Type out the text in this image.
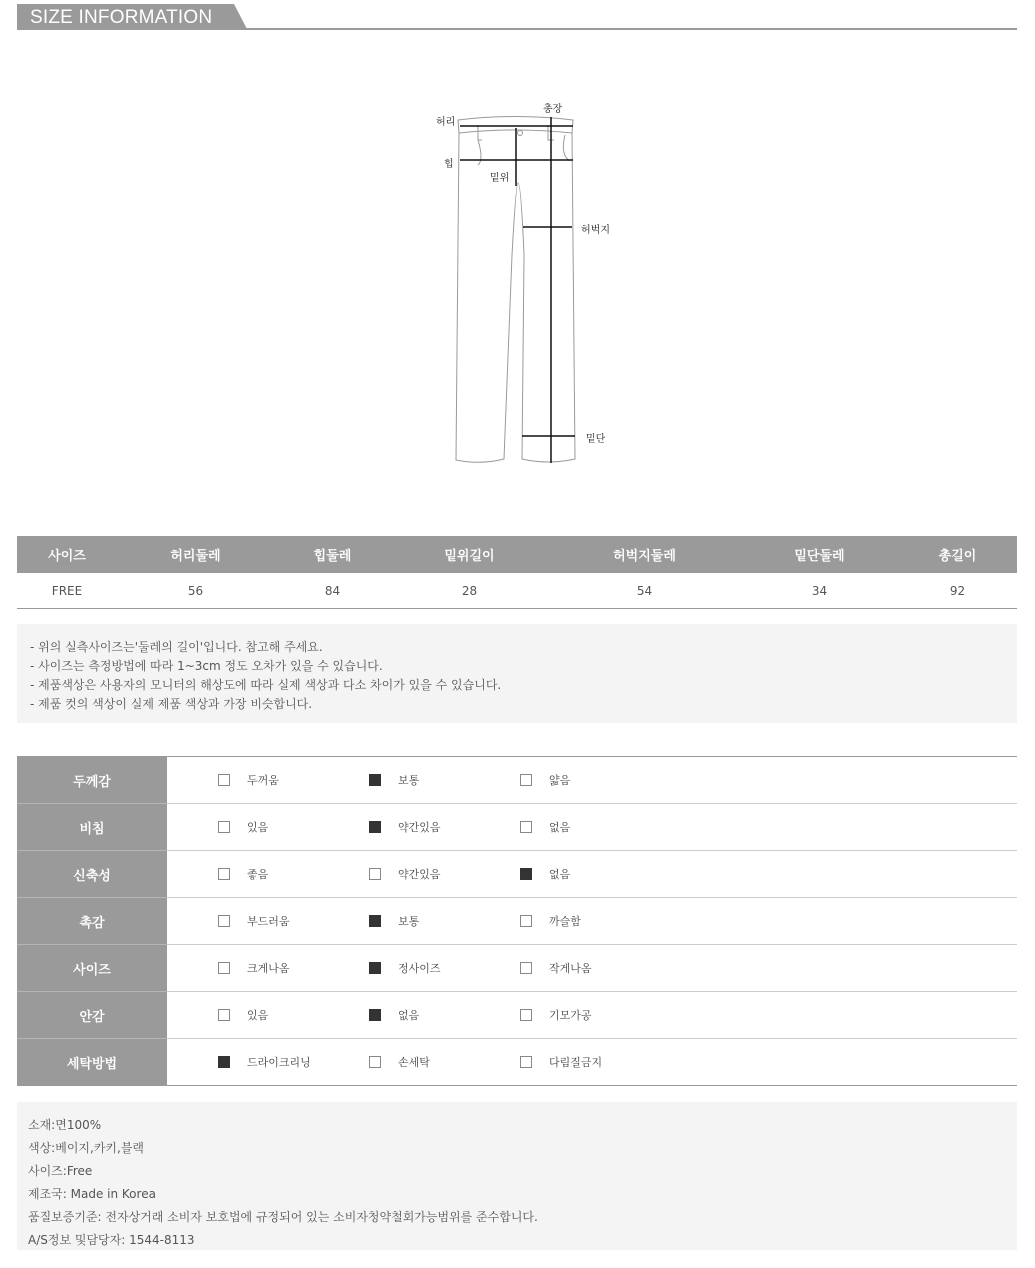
SIZE INFORMATION
허리
총장
힙
밑위
허벅지
밑단
사이즈	허리둘레	힙둘레	밑위길이	허벅지둘레	밑단둘레	총길이
FREE	56	84	28	54	34	92
- 위의 실측사이즈는'둘레의 길이'입니다. 참고해 주세요.
- 사이즈는 측정방법에 따라 1~3cm 정도 오차가 있을 수 있습니다.
- 제품색상은 사용자의 모니터의 해상도에 따라 실제 색상과 다소 차이가 있을 수 있습니다.
- 제품 컷의 색상이 실제 제품 색상과 가장 비슷합니다.
두께감	두꺼움 보통 얇음

비침	있음 약간있음 없음

신축성	좋음 약간있음 없음

촉감	부드러움 보통 까슬함

사이즈	크게나옴 정사이즈 작게나옴

안감	있음 없음 기모가공

세탁방법	드라이크리닝 손세탁 다림질금지
소재:면100%
색상:베이지,카키,블랙
사이즈:Free
제조국: Made in Korea
품질보증기준: 전자상거래 소비자 보호법에 규정되어 있는 소비자청약철회가능범위를 준수합니다.
A/S정보 및담당자: 1544-8113
